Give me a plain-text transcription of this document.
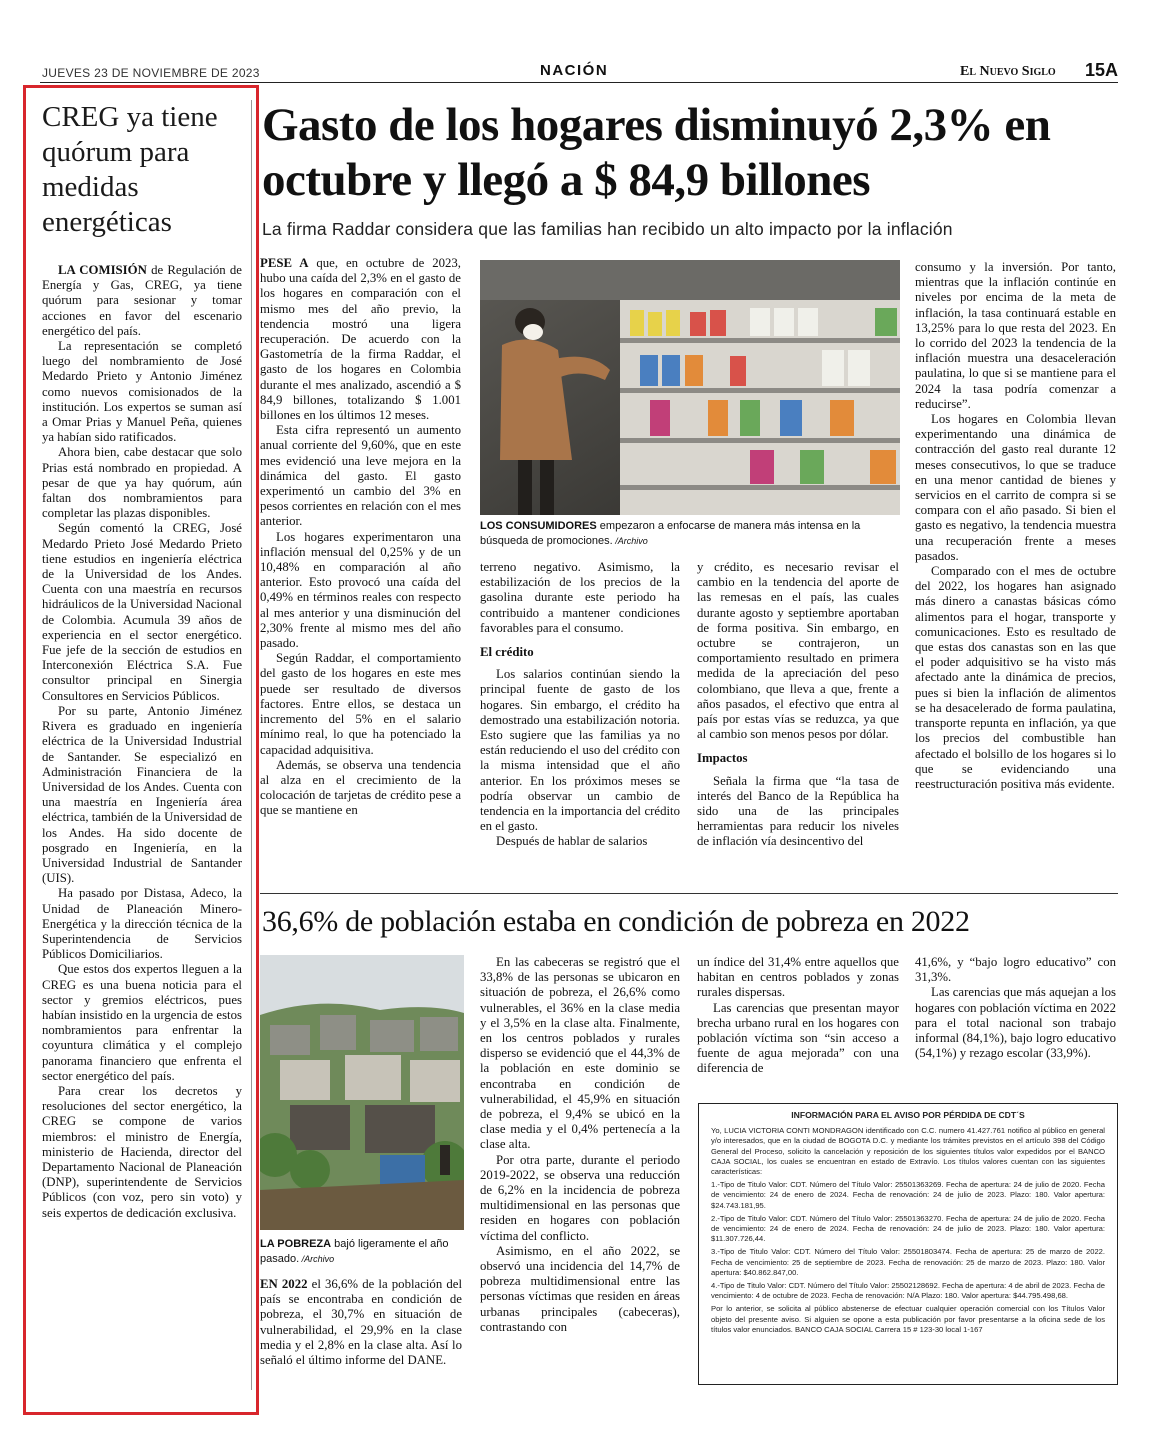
JUEVES 23 DE NOVIEMBRE DE 2023	NACIÓN	El Nuevo Siglo 15A
CREG ya tiene quórum para medidas energéticas

LA COMISIÓN de Regulación de Energía y Gas, CREG, ya tiene quórum para sesionar y tomar acciones en favor del escenario energético del país.

La representación se completó luego del nombramiento de José Medardo Prieto y Antonio Jiménez como nuevos comisionados de la institución. Los expertos se suman así a Omar Prias y Manuel Peña, quienes ya habían sido ratificados.

Ahora bien, cabe destacar que solo Prias está nombrado en propiedad. A pesar de que ya hay quórum, aún faltan dos nombramientos para completar las plazas disponibles.

Según comentó la CREG, José Medardo Prieto José Medardo Prieto tiene estudios en ingeniería eléctrica de la Universidad de los Andes. Cuenta con una maestría en recursos hidráulicos de la Universidad Nacional de Colombia. Acumula 39 años de experiencia en el sector energético. Fue jefe de la sección de estudios en Interconexión Eléctrica S.A. Fue consultor principal en Sinergia Consultores en Servicios Públicos.

Por su parte, Antonio Jiménez Rivera es graduado en ingeniería eléctrica de la Universidad Industrial de Santander. Se especializó en Administración Financiera de la Universidad de los Andes. Cuenta con una maestría en Ingeniería área eléctrica, también de la Universidad de los Andes. Ha sido docente de posgrado en Ingeniería, en la Universidad Industrial de Santander (UIS).

Ha pasado por Distasa, Adeco, la Unidad de Planeación Minero-Energética y la dirección técnica de la Superintendencia de Servicios Públicos Domiciliarios.

Que estos dos expertos lleguen a la CREG es una buena noticia para el sector y gremios eléctricos, pues habían insistido en la urgencia de estos nombramientos para enfrentar la coyuntura climática y el complejo panorama financiero que enfrenta el sector energético del país.

Para crear los decretos y resoluciones del sector energético, la CREG se compone de varios miembros: el ministro de Energía, ministerio de Hacienda, director del Departamento Nacional de Planeación (DNP), superintendente de Servicios Públicos (con voz, pero sin voto) y seis expertos de dedicación exclusiva.

Gasto de los hogares disminuyó 2,3% en octubre y llegó a $ 84,9 billones
La firma Raddar considera que las familias han recibido un alto impacto por la inflación

PESE A que, en octubre de 2023, hubo una caída del 2,3% en el gasto de los hogares en comparación con el mismo mes del año previo, la tendencia mostró una ligera recuperación. De acuerdo con la Gastometría de la firma Raddar, el gasto de los hogares en Colombia durante el mes analizado, ascendió a $ 84,9 billones, totalizando $ 1.001 billones en los últimos 12 meses.

Esta cifra representó un aumento anual corriente del 9,60%, que en este mes evidenció una leve mejora en la dinámica del gasto. El gasto experimentó un cambio del 3% en pesos corrientes en relación con el mes anterior.

Los hogares experimentaron una inflación mensual del 0,25% y de un 10,48% en comparación al año anterior. Esto provocó una caída del 0,49% en términos reales con respecto al mes anterior y una disminución del 2,30% frente al mismo mes del año pasado.

Según Raddar, el comportamiento del gasto de los hogares en este mes puede ser resultado de diversos factores. Entre ellos, se destaca un incremento del 5% en el salario mínimo real, lo que ha potenciado la capacidad adquisitiva.

Además, se observa una tendencia al alza en el crecimiento de la colocación de tarjetas de crédito pese a que se mantiene en

LOS CONSUMIDORES empezaron a enfocarse de manera más intensa en la búsqueda de promociones. /Archivo

terreno negativo. Asimismo, la estabilización de los precios de la gasolina durante este periodo ha contribuido a mantener condiciones favorables para el consumo.

El crédito

Los salarios continúan siendo la principal fuente de gasto de los hogares. Sin embargo, el crédito ha demostrado una estabilización notoria. Esto sugiere que las familias ya no están reduciendo el uso del crédito con la misma intensidad que el año anterior. En los próximos meses se podría observar un cambio de tendencia en la importancia del crédito en el gasto.

Después de hablar de salarios

y crédito, es necesario revisar el cambio en la tendencia del aporte de las remesas en el país, las cuales durante agosto y septiembre aportaban de forma positiva. Sin embargo, en octubre se contrajeron, un comportamiento resultado en primera medida de la apreciación del peso colombiano, que lleva a que, frente a años pasados, el efectivo que entra al país por estas vías se reduzca, ya que al cambio son menos pesos por dólar.

Impactos

Señala la firma que “la tasa de interés del Banco de la República ha sido una de las principales herramientas para reducir los niveles de inflación vía desincentivo del

consumo y la inversión. Por tanto, mientras que la inflación continúe en niveles por encima de la meta de inflación, la tasa continuará estable en 13,25% para lo que resta del 2023. En lo corrido del 2023 la tendencia de la inflación muestra una desaceleración paulatina, lo que si se mantiene para el 2024 la tasa podría comenzar a reducirse”.

Los hogares en Colombia llevan experimentando una dinámica de contracción del gasto real durante 12 meses consecutivos, lo que se traduce en una menor cantidad de bienes y servicios en el carrito de compra si se compara con el año pasado. Si bien el gasto es negativo, la tendencia muestra una recuperación frente a meses pasados.

Comparado con el mes de octubre del 2022, los hogares han asignado más dinero a canastas básicas cómo alimentos para el hogar, transporte y comunicaciones. Esto es resultado de que estas dos canastas son en las que el poder adquisitivo se ha visto más afectado ante la dinámica de precios, pues si bien la inflación de alimentos se ha desacelerado de forma paulatina, transporte repunta en inflación, ya que los precios del combustible han afectado el bolsillo de los hogares si lo que se evidenciando una reestructuración positiva más evidente.

36,6% de población estaba en condición de pobreza en 2022
LA POBREZA bajó ligeramente el año pasado. /Archivo

EN 2022 el 36,6% de la población del país se encontraba en condición de pobreza, el 30,7% en situación de vulnerabilidad, el 29,9% en la clase media y el 2,8% en la clase alta. Así lo señaló el último informe del DANE.

En las cabeceras se registró que el 33,8% de las personas se ubicaron en situación de pobreza, el 26,6% como vulnerables, el 36% en la clase media y el 3,5% en la clase alta. Finalmente, en los centros poblados y rurales disperso se evidenció que el 44,3% de la población en este dominio se encontraba en condición de vulnerabilidad, el 45,9% en situación de pobreza, el 9,4% se ubicó en la clase media y el 0,4% pertenecía a la clase alta.

Por otra parte, durante el periodo 2019-2022, se observa una reducción de 6,2% en la incidencia de pobreza multidimensional en las personas que residen en hogares con población víctima del conflicto.

Asimismo, en el año 2022, se observó una incidencia del 14,7% de pobreza multidimensional entre las personas víctimas que residen en áreas urbanas principales (cabeceras), contrastando con

un índice del 31,4% entre aquellos que habitan en centros poblados y zonas rurales dispersas.

Las carencias que presentan mayor brecha urbano rural en los hogares con población víctima son “sin acceso a fuente de agua mejorada” con una diferencia de

41,6%, y “bajo logro educativo” con 31,3%.

Las carencias que más aquejan a los hogares con población víctima en 2022 para el total nacional son trabajo informal (84,1%), bajo logro educativo (54,1%) y rezago escolar (33,9%).

INFORMACIÓN PARA EL AVISO POR PÉRDIDA DE CDT´S

Yo, LUCIA VICTORIA CONTI MONDRAGON identificado con C.C. numero 41.427.761 notifico al público en general y/o interesados, que en la ciudad de BOGOTA D.C. y mediante los trámites previstos en el artículo 398 del Código General del Proceso, solicito la cancelación y reposición de los siguientes títulos valor expedidos por el BANCO CAJA SOCIAL, los cuales se encuentran en estado de Extravío. Los títulos valores cuentan con las siguientes características:

1.-Tipo de Titulo Valor: CDT. Número del Título Valor: 25501363269. Fecha de apertura: 24 de julio de 2020. Fecha de vencimiento: 24 de enero de 2024. Fecha de renovación: 24 de julio de 2023. Plazo: 180. Valor apertura: $24.743.181,95.

2.-Tipo de Titulo Valor: CDT. Número del Título Valor: 25501363270. Fecha de apertura: 24 de julio de 2020. Fecha de vencimiento: 24 de enero de 2024. Fecha de renovación: 24 de julio de 2023. Plazo: 180. Valor apertura: $11.307.726,44.

3.-Tipo de Titulo Valor: CDT. Número del Título Valor: 25501803474. Fecha de apertura: 25 de marzo de 2022. Fecha de vencimiento: 25 de septiembre de 2023. Fecha de renovación: 25 de marzo de 2023. Plazo: 180. Valor apertura: $40.862.847,00.

4.-Tipo de Titulo Valor: CDT. Número del Título Valor: 25502128692. Fecha de apertura: 4 de abril de 2023. Fecha de vencimiento: 4 de octubre de 2023. Fecha de renovación: N/A Plazo: 180. Valor apertura: $44.795.498,68.

Por lo anterior, se solicita al público abstenerse de efectuar cualquier operación comercial con los Títulos Valor objeto del presente aviso. Si alguien se opone a esta publicación por favor presentarse a la oficina sede de los títulos valor enunciados. BANCO CAJA SOCIAL Carrera 15 # 123-30 local 1-167
